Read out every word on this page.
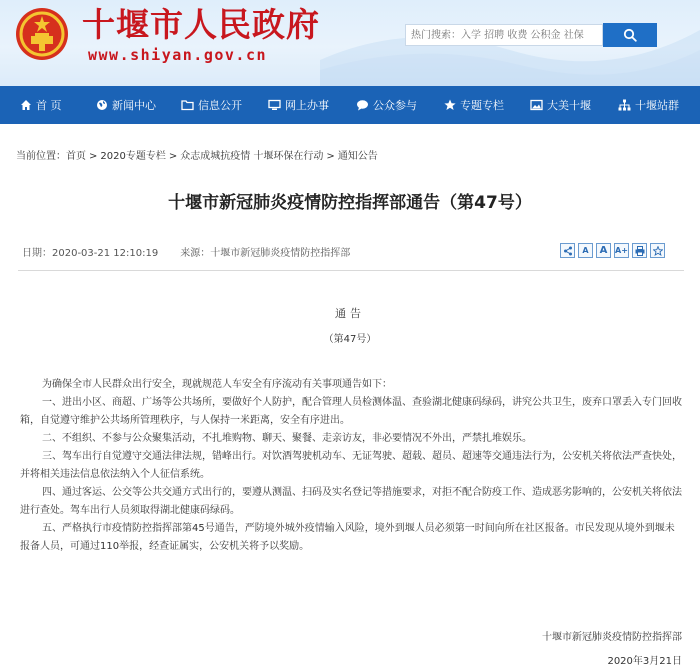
十堰市人民政府
www.shiyan.gov.cn
热门搜索：入学 招聘 收费 公积金 社保
首 页	新闻中心	信息公开	网上办事	公众参与	专题专栏	大美十堰	十堰站群
当前位置：首页 > 2020专题专栏 > 众志成城抗疫情 十堰环保在行动 > 通知公告
十堰市新冠肺炎疫情防控指挥部通告（第47号）
日期：2020-03-21 12:10:19 来源：十堰市新冠肺炎疫情防控指挥部	A	A A+
通告
（第47号）

为确保全市人民群众出行安全，现就规范人车安全有序流动有关事项通告如下：

一、进出小区、商超、广场等公共场所，要做好个人防护，配合管理人员检测体温、查验湖北健康码绿码，讲究公共卫生，废弃口罩丢入专门回收箱，自觉遵守维护公共场所管理秩序，与人保持一米距离，安全有序进出。

二、不组织、不参与公众聚集活动，不扎堆购物、聊天、聚餐、走亲访友，非必要情况不外出，严禁扎堆娱乐。

三、驾车出行自觉遵守交通法律法规，错峰出行。对饮酒驾驶机动车、无证驾驶、超载、超员、超速等交通违法行为，公安机关将依法严查快处，并将相关违法信息依法纳入个人征信系统。

四、通过客运、公交等公共交通方式出行的，要遵从测温、扫码及实名登记等措施要求，对拒不配合防疫工作、造成恶劣影响的，公安机关将依法进行查处。驾车出行人员须取得湖北健康码绿码。

五、严格执行市疫情防控指挥部第45号通告，严防境外城外疫情输入风险，境外到堰人员必须第一时间向所在社区报备。市民发现从境外到堰未报备人员，可通过110举报，经查证属实，公安机关将予以奖励。

十堰市新冠肺炎疫情防控指挥部
2020年3月21日
